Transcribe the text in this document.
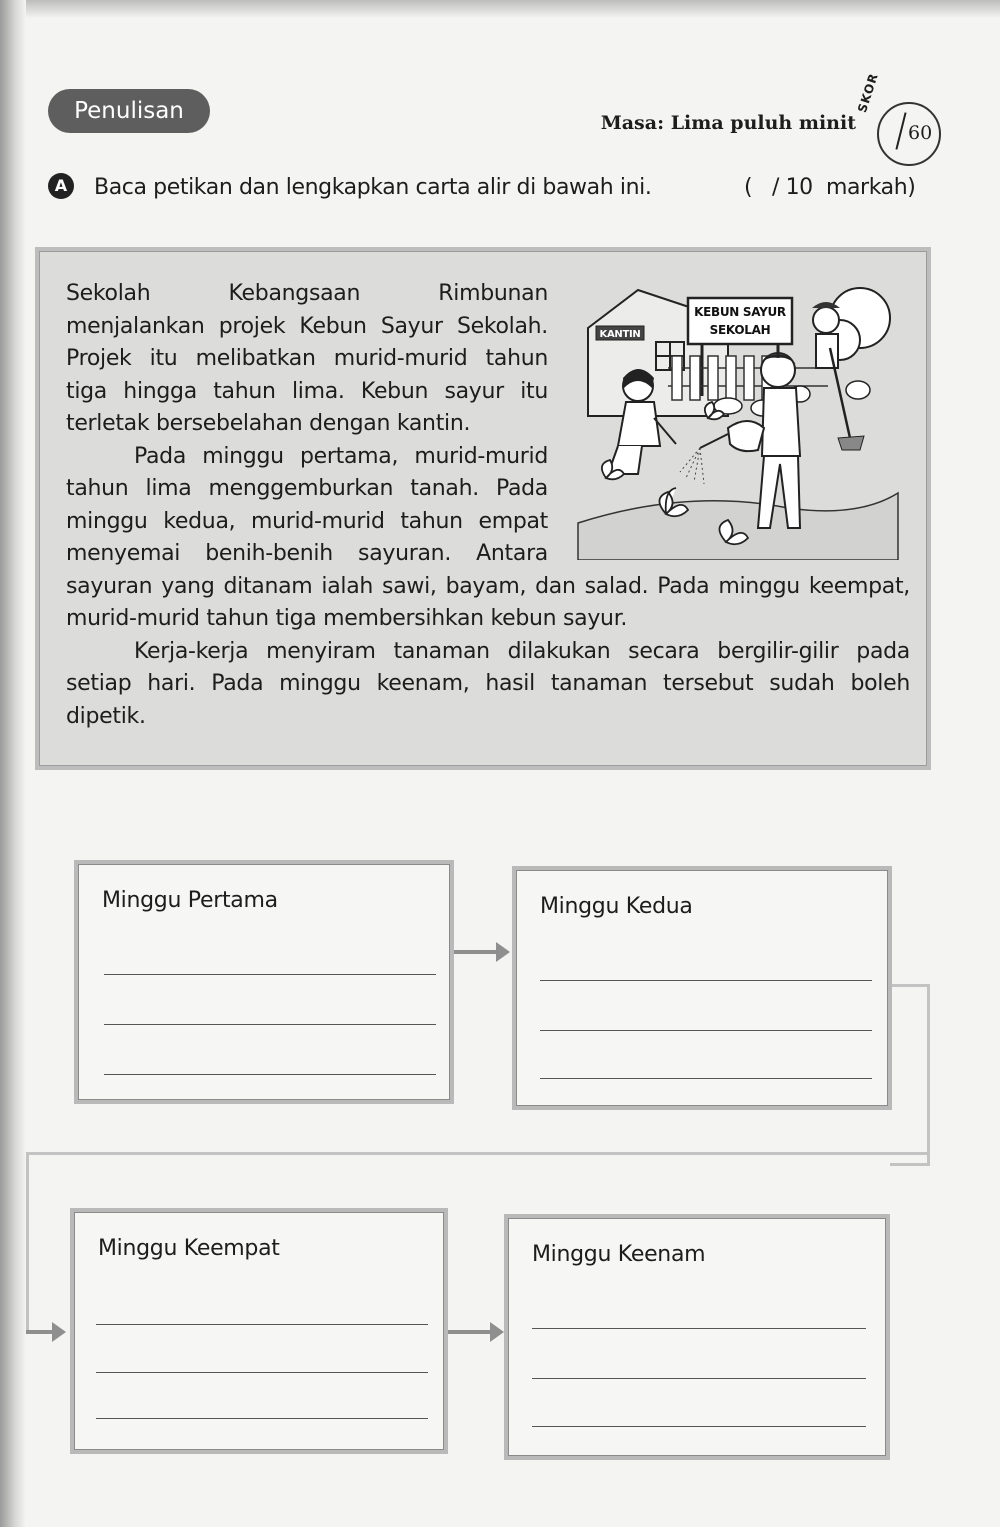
Penulisan	Masa: Lima puluh minit
SKOR
60
A	Baca petikan dan lengkapkan carta alir di bawah ini.	(   / 10  markah)
KANTIN
KEBUN SAYUR
SEKOLAH

Sekolah Kebangsaan Rimbunan menjalankan projek Kebun Sayur Sekolah. Projek itu melibatkan murid-murid tahun tiga hingga tahun lima. Kebun sayur itu terletak bersebelahan dengan kantin.

Pada minggu pertama, murid-murid tahun lima menggemburkan tanah. Pada minggu kedua, murid-murid tahun empat menyemai benih-benih sayuran. Antara sayuran yang ditanam ialah sawi, bayam, dan salad. Pada minggu keempat, murid-murid tahun tiga membersihkan kebun sayur.

Kerja-kerja menyiram tanaman dilakukan secara bergilir-gilir pada setiap hari. Pada minggu keenam, hasil tanaman tersebut sudah boleh dipetik.

Minggu Pertama	Minggu Kedua
Minggu Keempat	Minggu Keenam
